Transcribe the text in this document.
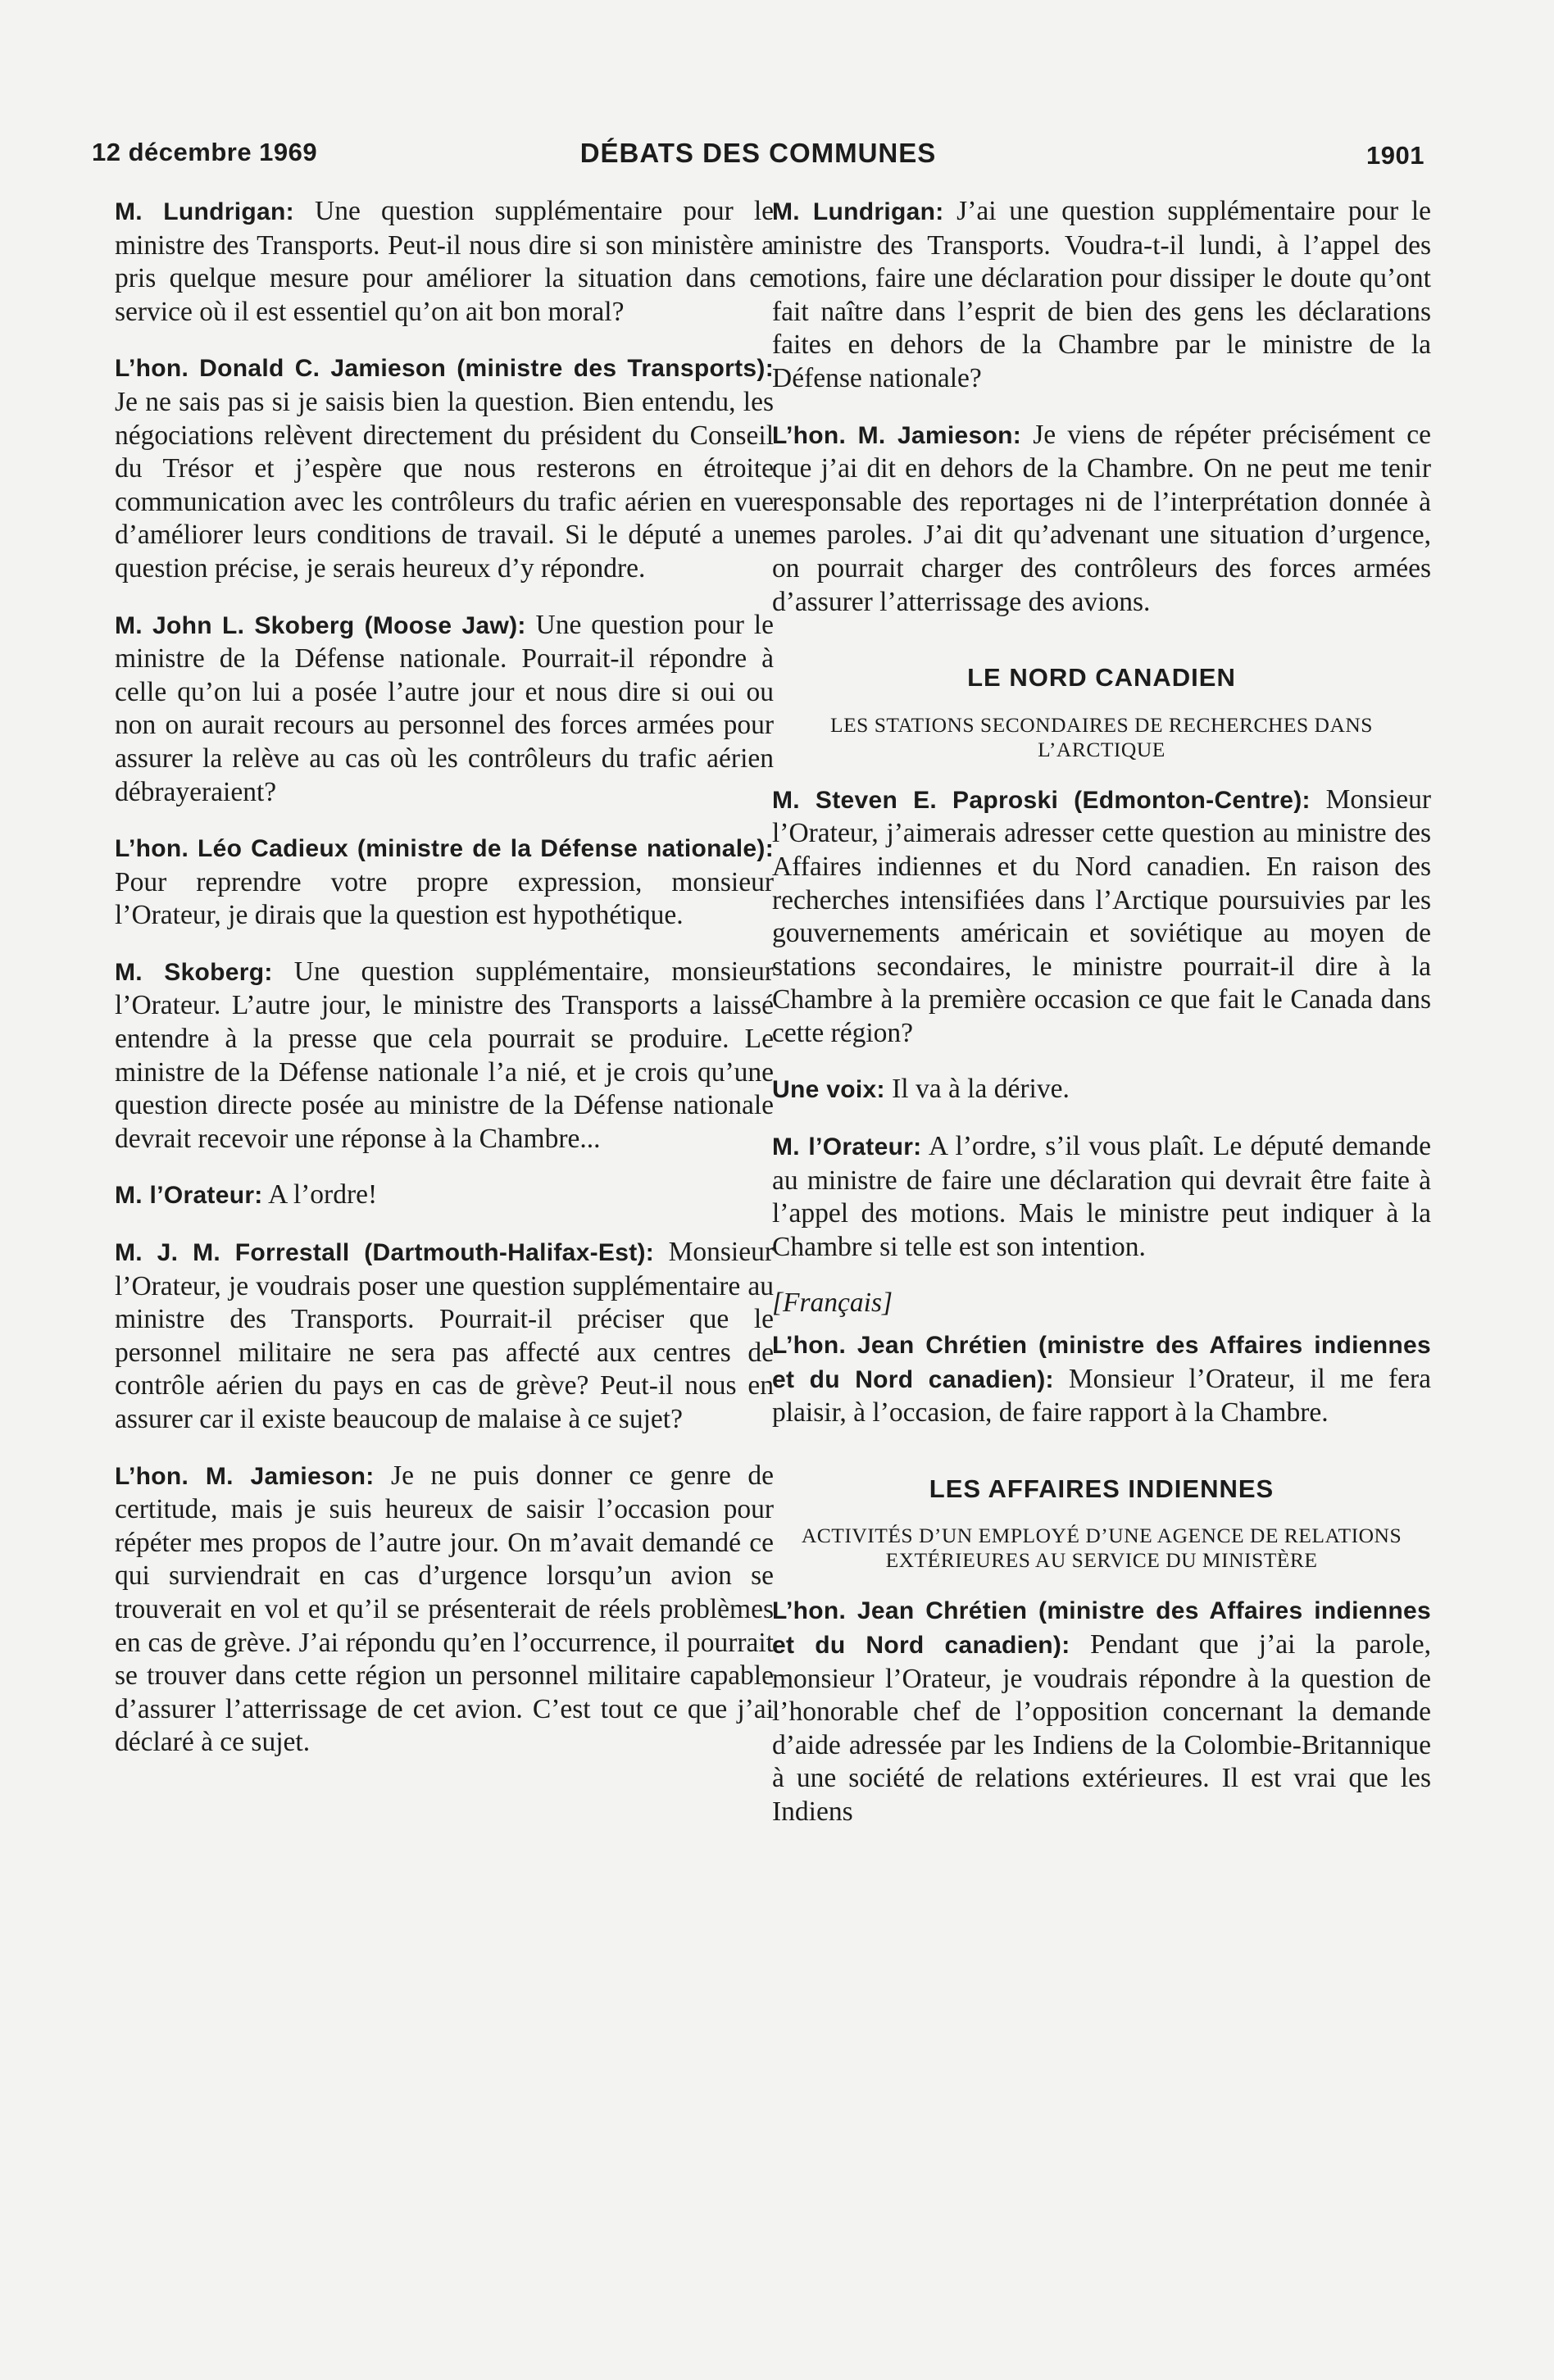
12 décembre 1969	DÉBATS DES COMMUNES	1901

M. Lundrigan: Une question supplémentaire pour le ministre des Transports. Peut-il nous dire si son ministère a pris quelque mesure pour améliorer la situation dans ce service où il est essentiel qu’on ait bon moral?

L’hon. Donald C. Jamieson (ministre des Transports): Je ne sais pas si je saisis bien la question. Bien entendu, les négociations relèvent directement du président du Conseil du Trésor et j’espère que nous resterons en étroite communication avec les contrôleurs du trafic aérien en vue d’améliorer leurs conditions de travail. Si le député a une question précise, je serais heureux d’y répondre.

M. John L. Skoberg (Moose Jaw): Une question pour le ministre de la Défense nationale. Pourrait-il répondre à celle qu’on lui a posée l’autre jour et nous dire si oui ou non on aurait recours au personnel des forces armées pour assurer la relève au cas où les contrôleurs du trafic aérien débrayeraient?

L’hon. Léo Cadieux (ministre de la Défense nationale): Pour reprendre votre propre expression, monsieur l’Orateur, je dirais que la question est hypothétique.

M. Skoberg: Une question supplémentaire, monsieur l’Orateur. L’autre jour, le ministre des Transports a laissé entendre à la presse que cela pourrait se produire. Le ministre de la Défense nationale l’a nié, et je crois qu’une question directe posée au ministre de la Défense nationale devrait recevoir une réponse à la Chambre...

M. l’Orateur: A l’ordre!

M. J. M. Forrestall (Dartmouth-Halifax-Est): Monsieur l’Orateur, je voudrais poser une question supplémentaire au ministre des Transports. Pourrait-il préciser que le personnel militaire ne sera pas affecté aux centres de contrôle aérien du pays en cas de grève? Peut-il nous en assurer car il existe beaucoup de malaise à ce sujet?

L’hon. M. Jamieson: Je ne puis donner ce genre de certitude, mais je suis heureux de saisir l’occasion pour répéter mes propos de l’autre jour. On m’avait demandé ce qui surviendrait en cas d’urgence lorsqu’un avion se trouverait en vol et qu’il se présenterait de réels problèmes en cas de grève. J’ai répondu qu’en l’occurrence, il pourrait se trouver dans cette région un personnel militaire capable d’assurer l’atterrissage de cet avion. C’est tout ce que j’ai déclaré à ce sujet.

M. Lundrigan: J’ai une question supplémentaire pour le ministre des Transports. Voudra-t-il lundi, à l’appel des motions, faire une déclaration pour dissiper le doute qu’ont fait naître dans l’esprit de bien des gens les déclarations faites en dehors de la Chambre par le ministre de la Défense nationale?

L’hon. M. Jamieson: Je viens de répéter précisément ce que j’ai dit en dehors de la Chambre. On ne peut me tenir responsable des reportages ni de l’interprétation donnée à mes paroles. J’ai dit qu’advenant une situation d’urgence, on pourrait charger des contrôleurs des forces armées d’assurer l’atterrissage des avions.

LE NORD CANADIEN
LES STATIONS SECONDAIRES DE RECHERCHES DANS L’ARCTIQUE

M. Steven E. Paproski (Edmonton-Centre): Monsieur l’Orateur, j’aimerais adresser cette question au ministre des Affaires indiennes et du Nord canadien. En raison des recherches intensifiées dans l’Arctique poursuivies par les gouvernements américain et soviétique au moyen de stations secondaires, le ministre pourrait-il dire à la Chambre à la première occasion ce que fait le Canada dans cette région?

Une voix: Il va à la dérive.

M. l’Orateur: A l’ordre, s’il vous plaît. Le député demande au ministre de faire une déclaration qui devrait être faite à l’appel des motions. Mais le ministre peut indiquer à la Chambre si telle est son intention.

[Français]

L’hon. Jean Chrétien (ministre des Affaires indiennes et du Nord canadien): Monsieur l’Orateur, il me fera plaisir, à l’occasion, de faire rapport à la Chambre.

LES AFFAIRES INDIENNES
ACTIVITÉS D’UN EMPLOYÉ D’UNE AGENCE DE RELATIONS EXTÉRIEURES AU SERVICE DU MINISTÈRE

L’hon. Jean Chrétien (ministre des Affaires indiennes et du Nord canadien): Pendant que j’ai la parole, monsieur l’Orateur, je voudrais répondre à la question de l’honorable chef de l’opposition concernant la demande d’aide adressée par les Indiens de la Colombie-Britannique à une société de relations extérieures. Il est vrai que les Indiens
